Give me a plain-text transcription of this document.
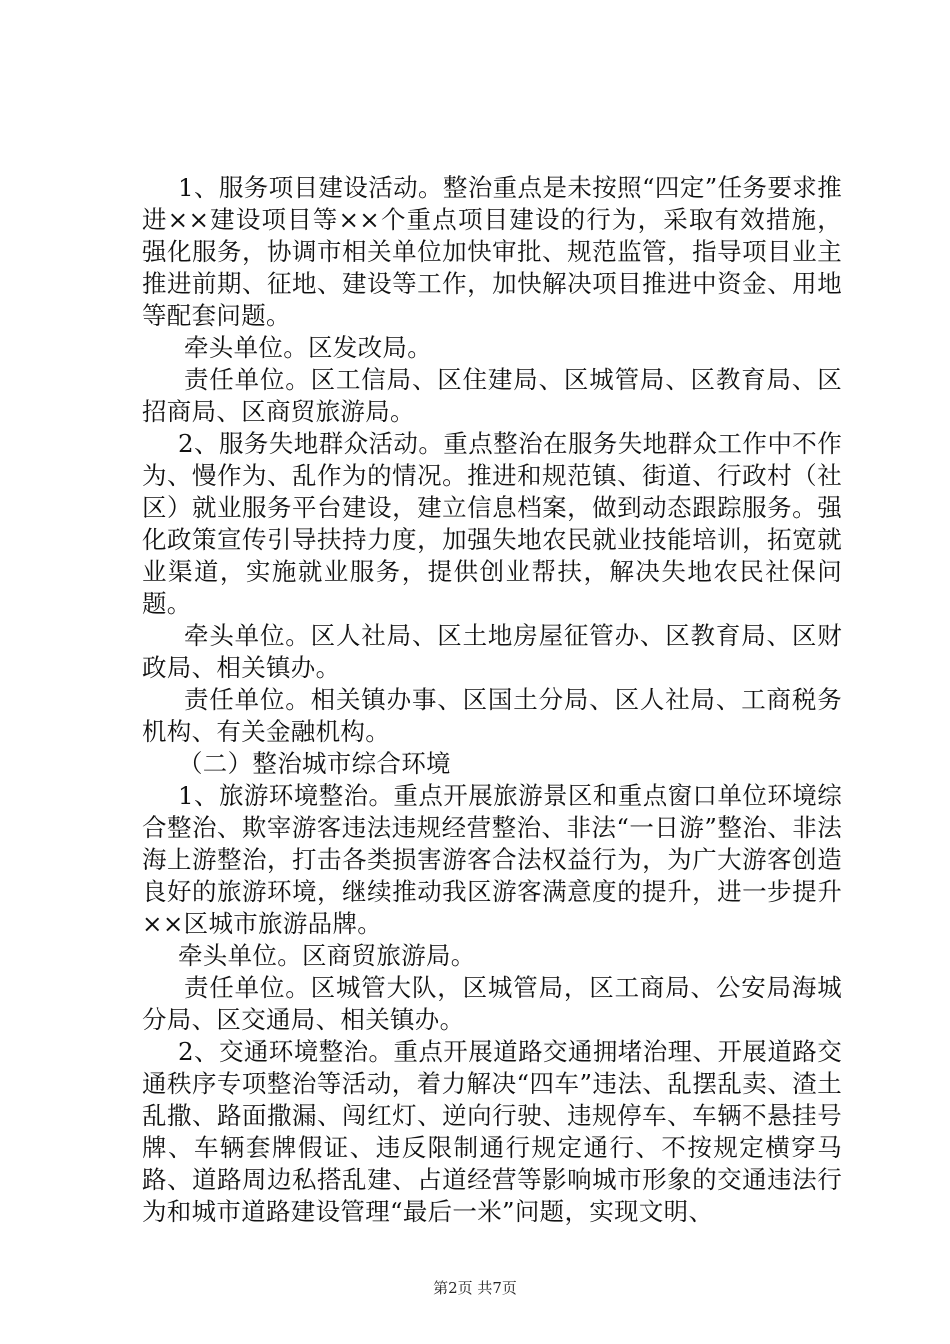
1、服务项目建设活动。整治重点是未按照“四定”任务要求推进××建设项目等××个重点项目建设的行为，采取有效措施，强化服务，协调市相关单位加快审批、规范监管，指导项目业主推进前期、征地、建设等工作，加快解决项目推进中资金、用地等配套问题。

牵头单位。区发改局。

责任单位。区工信局、区住建局、区城管局、区教育局、区招商局、区商贸旅游局。

2、服务失地群众活动。重点整治在服务失地群众工作中不作为、慢作为、乱作为的情况。推进和规范镇、街道、行政村（社区）就业服务平台建设，建立信息档案，做到动态跟踪服务。强化政策宣传引导扶持力度，加强失地农民就业技能培训，拓宽就业渠道，实施就业服务，提供创业帮扶，解决失地农民社保问题。

牵头单位。区人社局、区土地房屋征管办、区教育局、区财政局、相关镇办。

责任单位。相关镇办事、区国土分局、区人社局、工商税务机构、有关金融机构。

（二）整治城市综合环境

1、旅游环境整治。重点开展旅游景区和重点窗口单位环境综合整治、欺宰游客违法违规经营整治、非法“一日游”整治、非法海上游整治，打击各类损害游客合法权益行为，为广大游客创造良好的旅游环境，继续推动我区游客满意度的提升，进一步提升××区城市旅游品牌。

牵头单位。区商贸旅游局。

责任单位。区城管大队，区城管局，区工商局、公安局海城分局、区交通局、相关镇办。

2、交通环境整治。重点开展道路交通拥堵治理、开展道路交通秩序专项整治等活动，着力解决“四车”违法、乱摆乱卖、渣土乱撒、路面撒漏、闯红灯、逆向行驶、违规停车、车辆不悬挂号牌、车辆套牌假证、违反限制通行规定通行、不按规定横穿马路、道路周边私搭乱建、占道经营等影响城市形象的交通违法行为和城市道路建设管理“最后一米”问题，实现文明、

第2页 共7页
